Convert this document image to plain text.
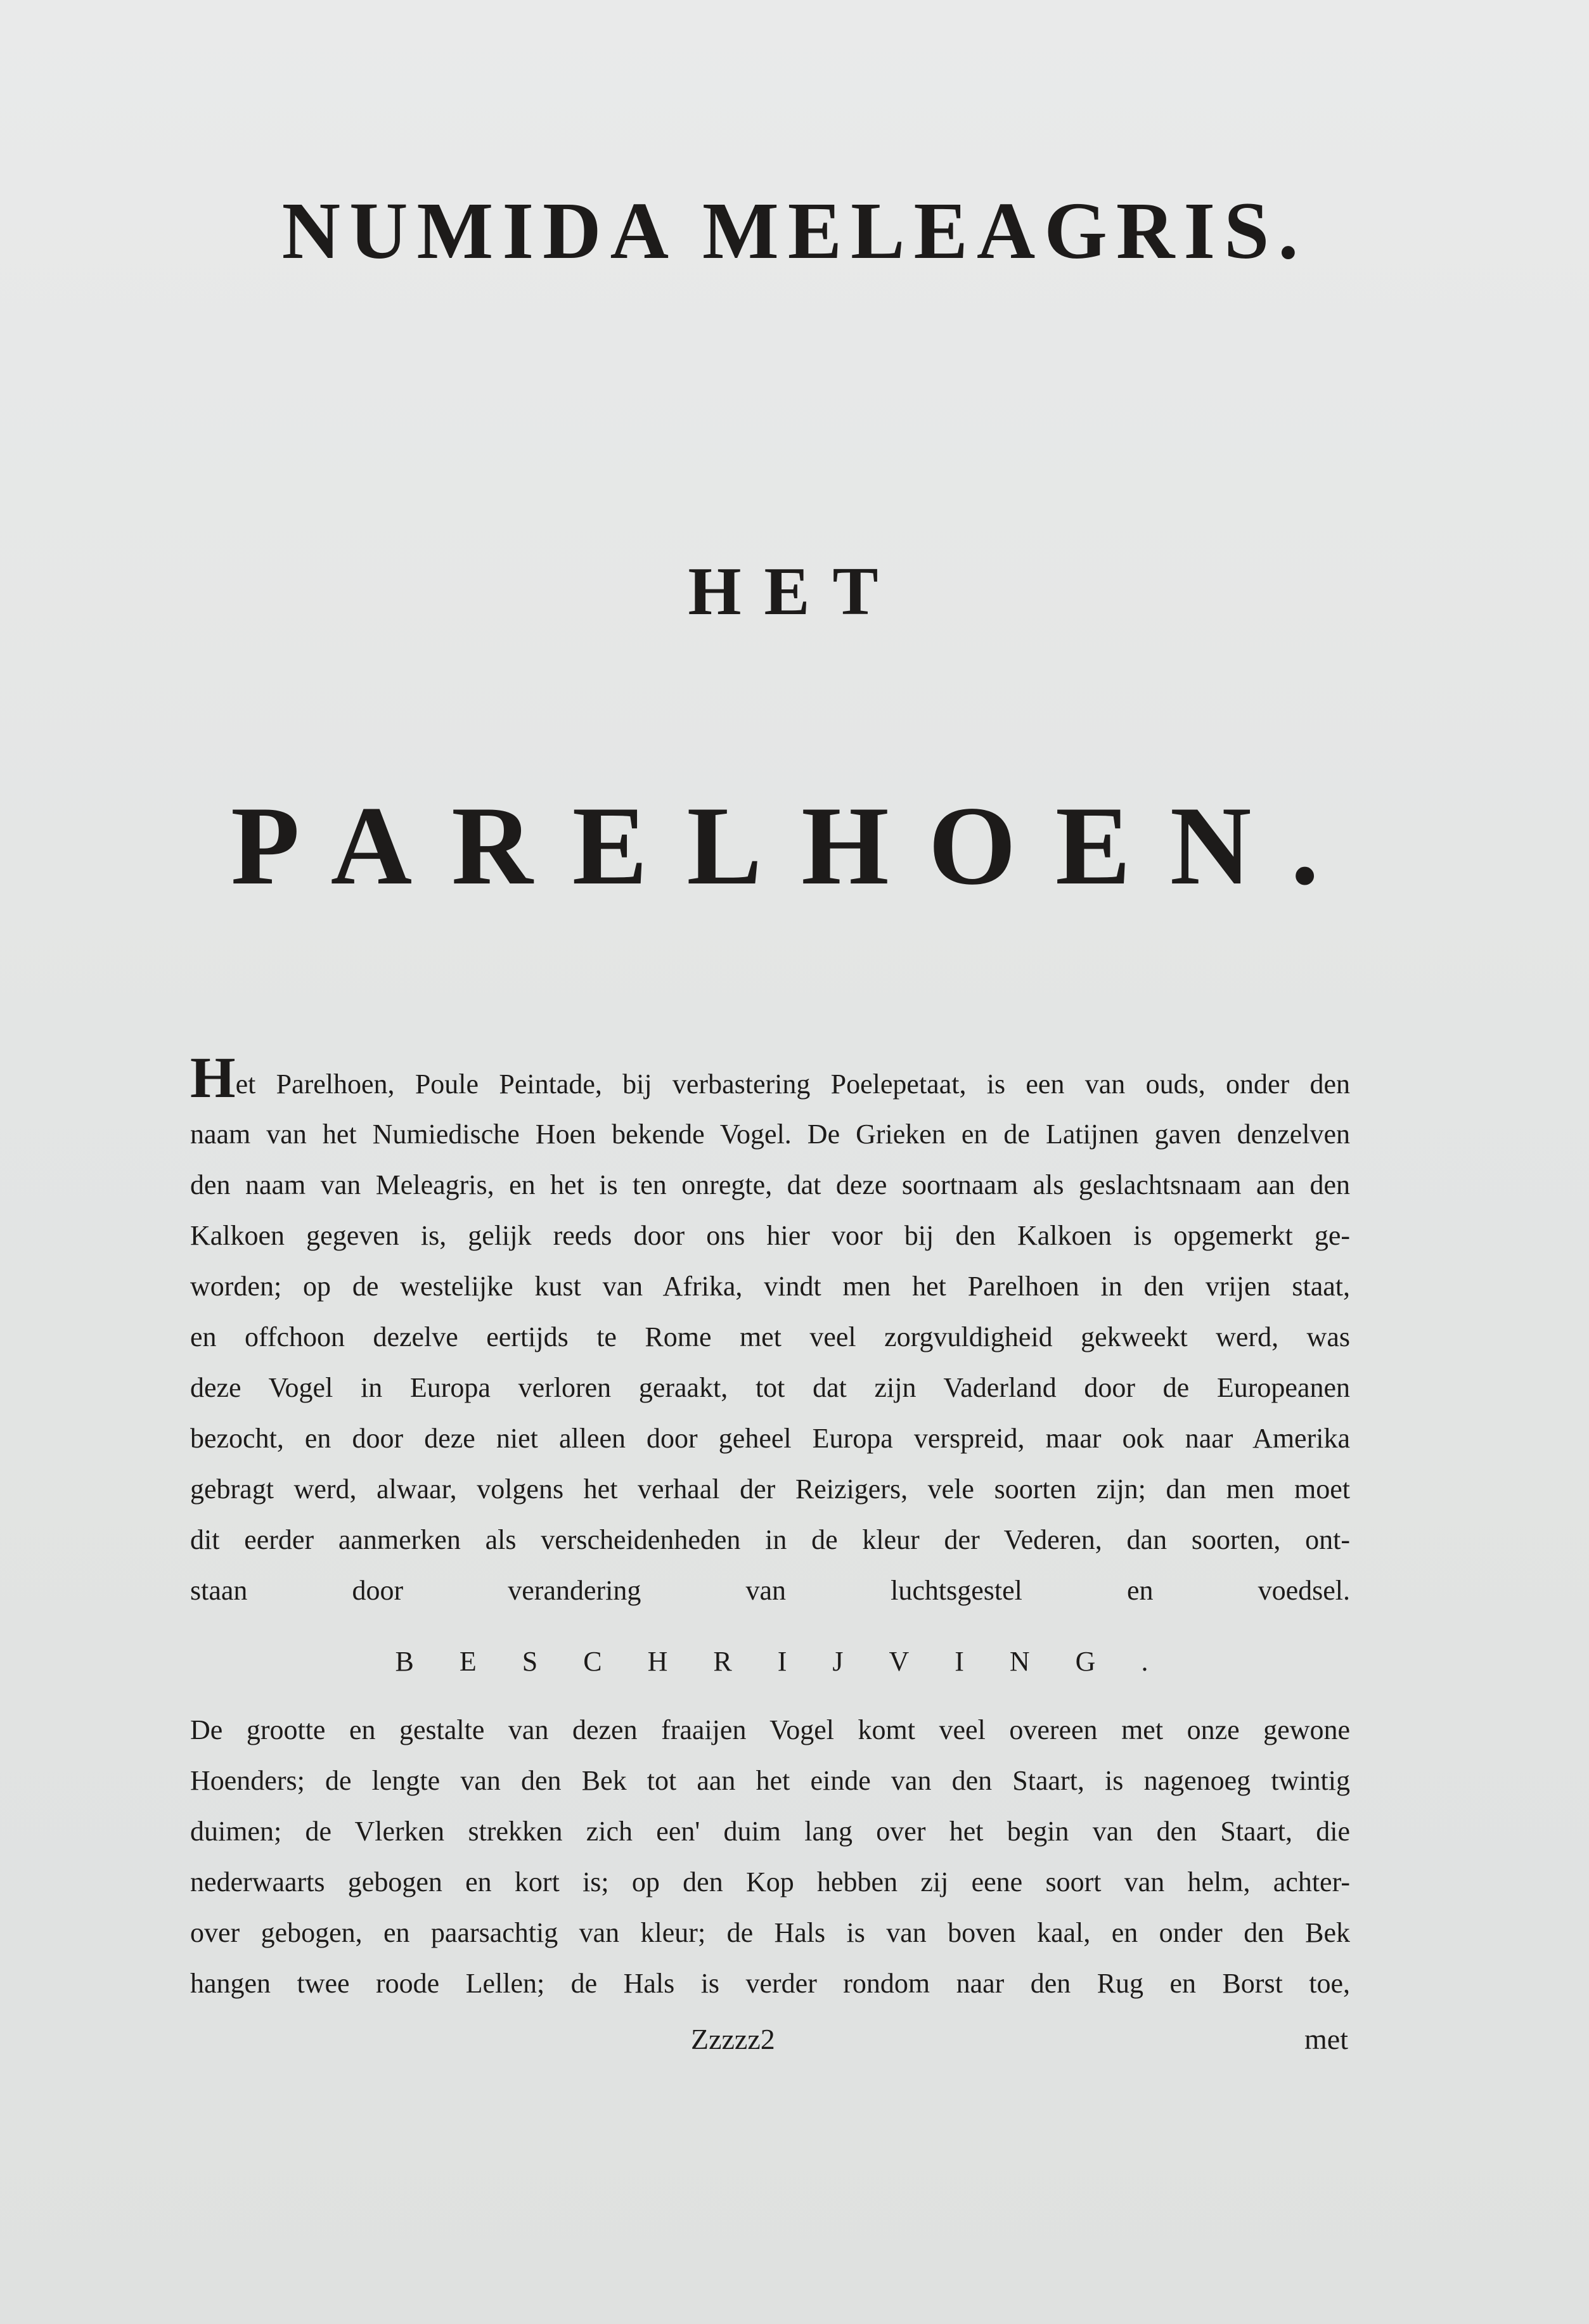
NUMIDA MELEAGRIS.
HET
PARELHOEN.
Het Parelhoen, Poule Peintade, bij verbastering Poelepetaat, is een van ouds, onder den
naam van het Numiedische Hoen bekende Vogel. De Grieken en de Latijnen gaven denzelven
den naam van Meleagris, en het is ten onregte, dat deze soortnaam als geslachtsnaam aan den
Kalkoen gegeven is, gelijk reeds door ons hier voor bij den Kalkoen is opgemerkt ge-
worden; op de westelijke kust van Afrika, vindt men het Parelhoen in den vrijen staat,
en offchoon dezelve eertijds te Rome met veel zorgvuldigheid gekweekt werd, was
deze Vogel in Europa verloren geraakt, tot dat zijn Vaderland door de Europeanen
bezocht, en door deze niet alleen door geheel Europa verspreid, maar ook naar Amerika
gebragt werd, alwaar, volgens het verhaal der Reizigers, vele soorten zijn; dan men moet
dit eerder aanmerken als verscheidenheden in de kleur der Vederen, dan soorten, ont-
staan door verandering van luchtsgestel en voedsel.
BESCHRIJVING.
De grootte en gestalte van dezen fraaijen Vogel komt veel overeen met onze gewone
Hoenders; de lengte van den Bek tot aan het einde van den Staart, is nagenoeg twintig
duimen; de Vlerken strekken zich een' duim lang over het begin van den Staart, die
nederwaarts gebogen en kort is; op den Kop hebben zij eene soort van helm, achter-
over gebogen, en paarsachtig van kleur; de Hals is van boven kaal, en onder den Bek
hangen twee roode Lellen; de Hals is verder rondom naar den Rug en Borst toe,
Zzzzz2	met
